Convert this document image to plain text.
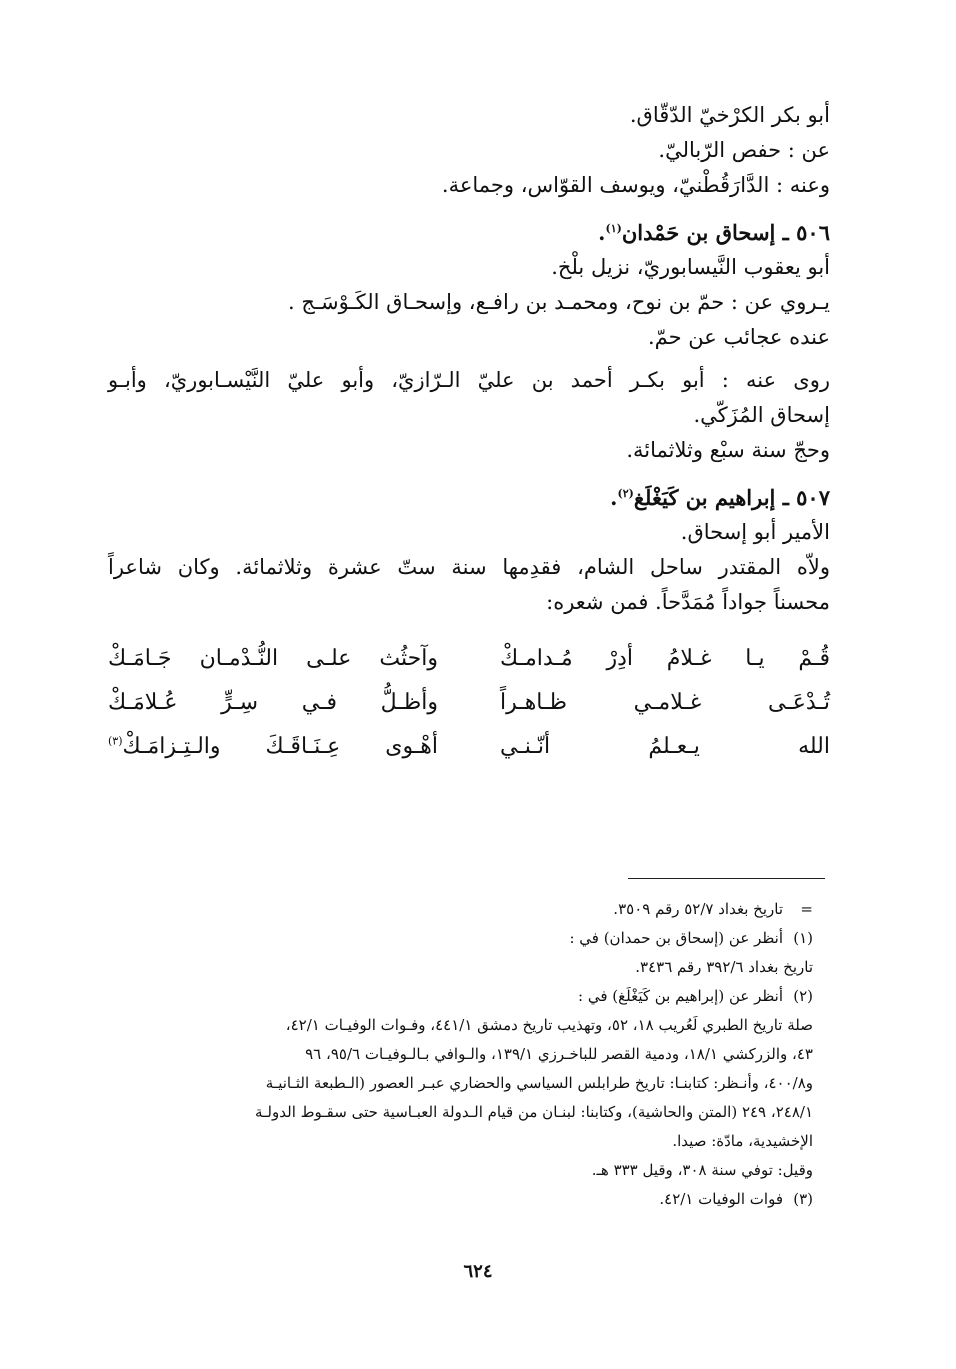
أبو بكر الكرْخيّ الدّقّاق.
عن : حفص الرّباليّ.
وعنه : الدَّارَقُطْنيّ، ويوسف القوّاس، وجماعة.
٥٠٦ ـ إسحاق بن حَمْدان$^{(١)}$.
أبو يعقوب النَّيسابوريّ، نزيل بلْخ.
يـروي عن : حمّ بن نوح، ومحمـد بن رافـع، وإسحـاق الكَـوْسَـج .
عنده عجائب عن حمّ.
روى عنه : أبو بكـر أحمد بن عليّ الـرّازيّ، وأبو عليّ النَّيْسـابوريّ، وأبـو
إسحاق المُزَكّي.
وحجّ سنة سبْع وثلاثمائة.
٥٠٧ ـ إبراهيم بن كَيَغْلَغ$^{(٢)}$.
الأمير أبو إسحاق.
ولاّه المقتدر ساحل الشام، فقدِمها سنة ستّ عشرة وثلاثمائة. وكان شاعراً
محسناً جواداً مُمَدَّحاً. فمن شعره:
قُـمْ يـا غـلامُ أدِرْ مُـدامـكْ
وآحثُث علـى النُّـدْمـان جَـامَـكْ
تُـدْعَـى غـلامـي ظـاهـراً
وأظـلُّ فـي سِـرٍّ عُـلامَـكْ
الله يـعـلمُ أنّـنـي
أهْـوى عِـنَـاقَـكَ والـتِـزامَـكْ$^{(٣)}$
=
تاريخ بغداد ٥٢/٧ رقم ٣٥٠٩.
(١)
أنظر عن (إسحاق بن حمدان) في :
تاريخ بغداد ٣٩٢/٦ رقم ٣٤٣٦.
(٢)
أنظر عن (إبراهيم بن كَيَغْلَغ) في :
صلة تاريخ الطبري لَعُريب ١٨، ٥٢، وتهذيب تاريخ دمشق ٤٤١/١، وفـوات الوفيـات ٤٢/١،
٤٣، والزركشي ١٨/١، ودمية القصر للباخـرزي ١٣٩/١، والـوافي بـالـوفيـات ٩٥/٦، ٩٦
و٤٠٠/٨، وأنـظر: كتابنـا: تاريخ طرابلس السياسي والحضاري عبـر العصور (الـطبعة الثـانيـة
٢٤٨/١، ٢٤٩ (المتن والحاشية)، وكتابنا: لبنـان من قيام الـدولة العبـاسية حتى سقـوط الدولـة
الإخشيدية، مادّة: صيدا.
وقيل: توفي سنة ٣٠٨، وقيل ٣٣٣ هـ.
(٣)
فوات الوفيات ٤٢/١.
٦٢٤
